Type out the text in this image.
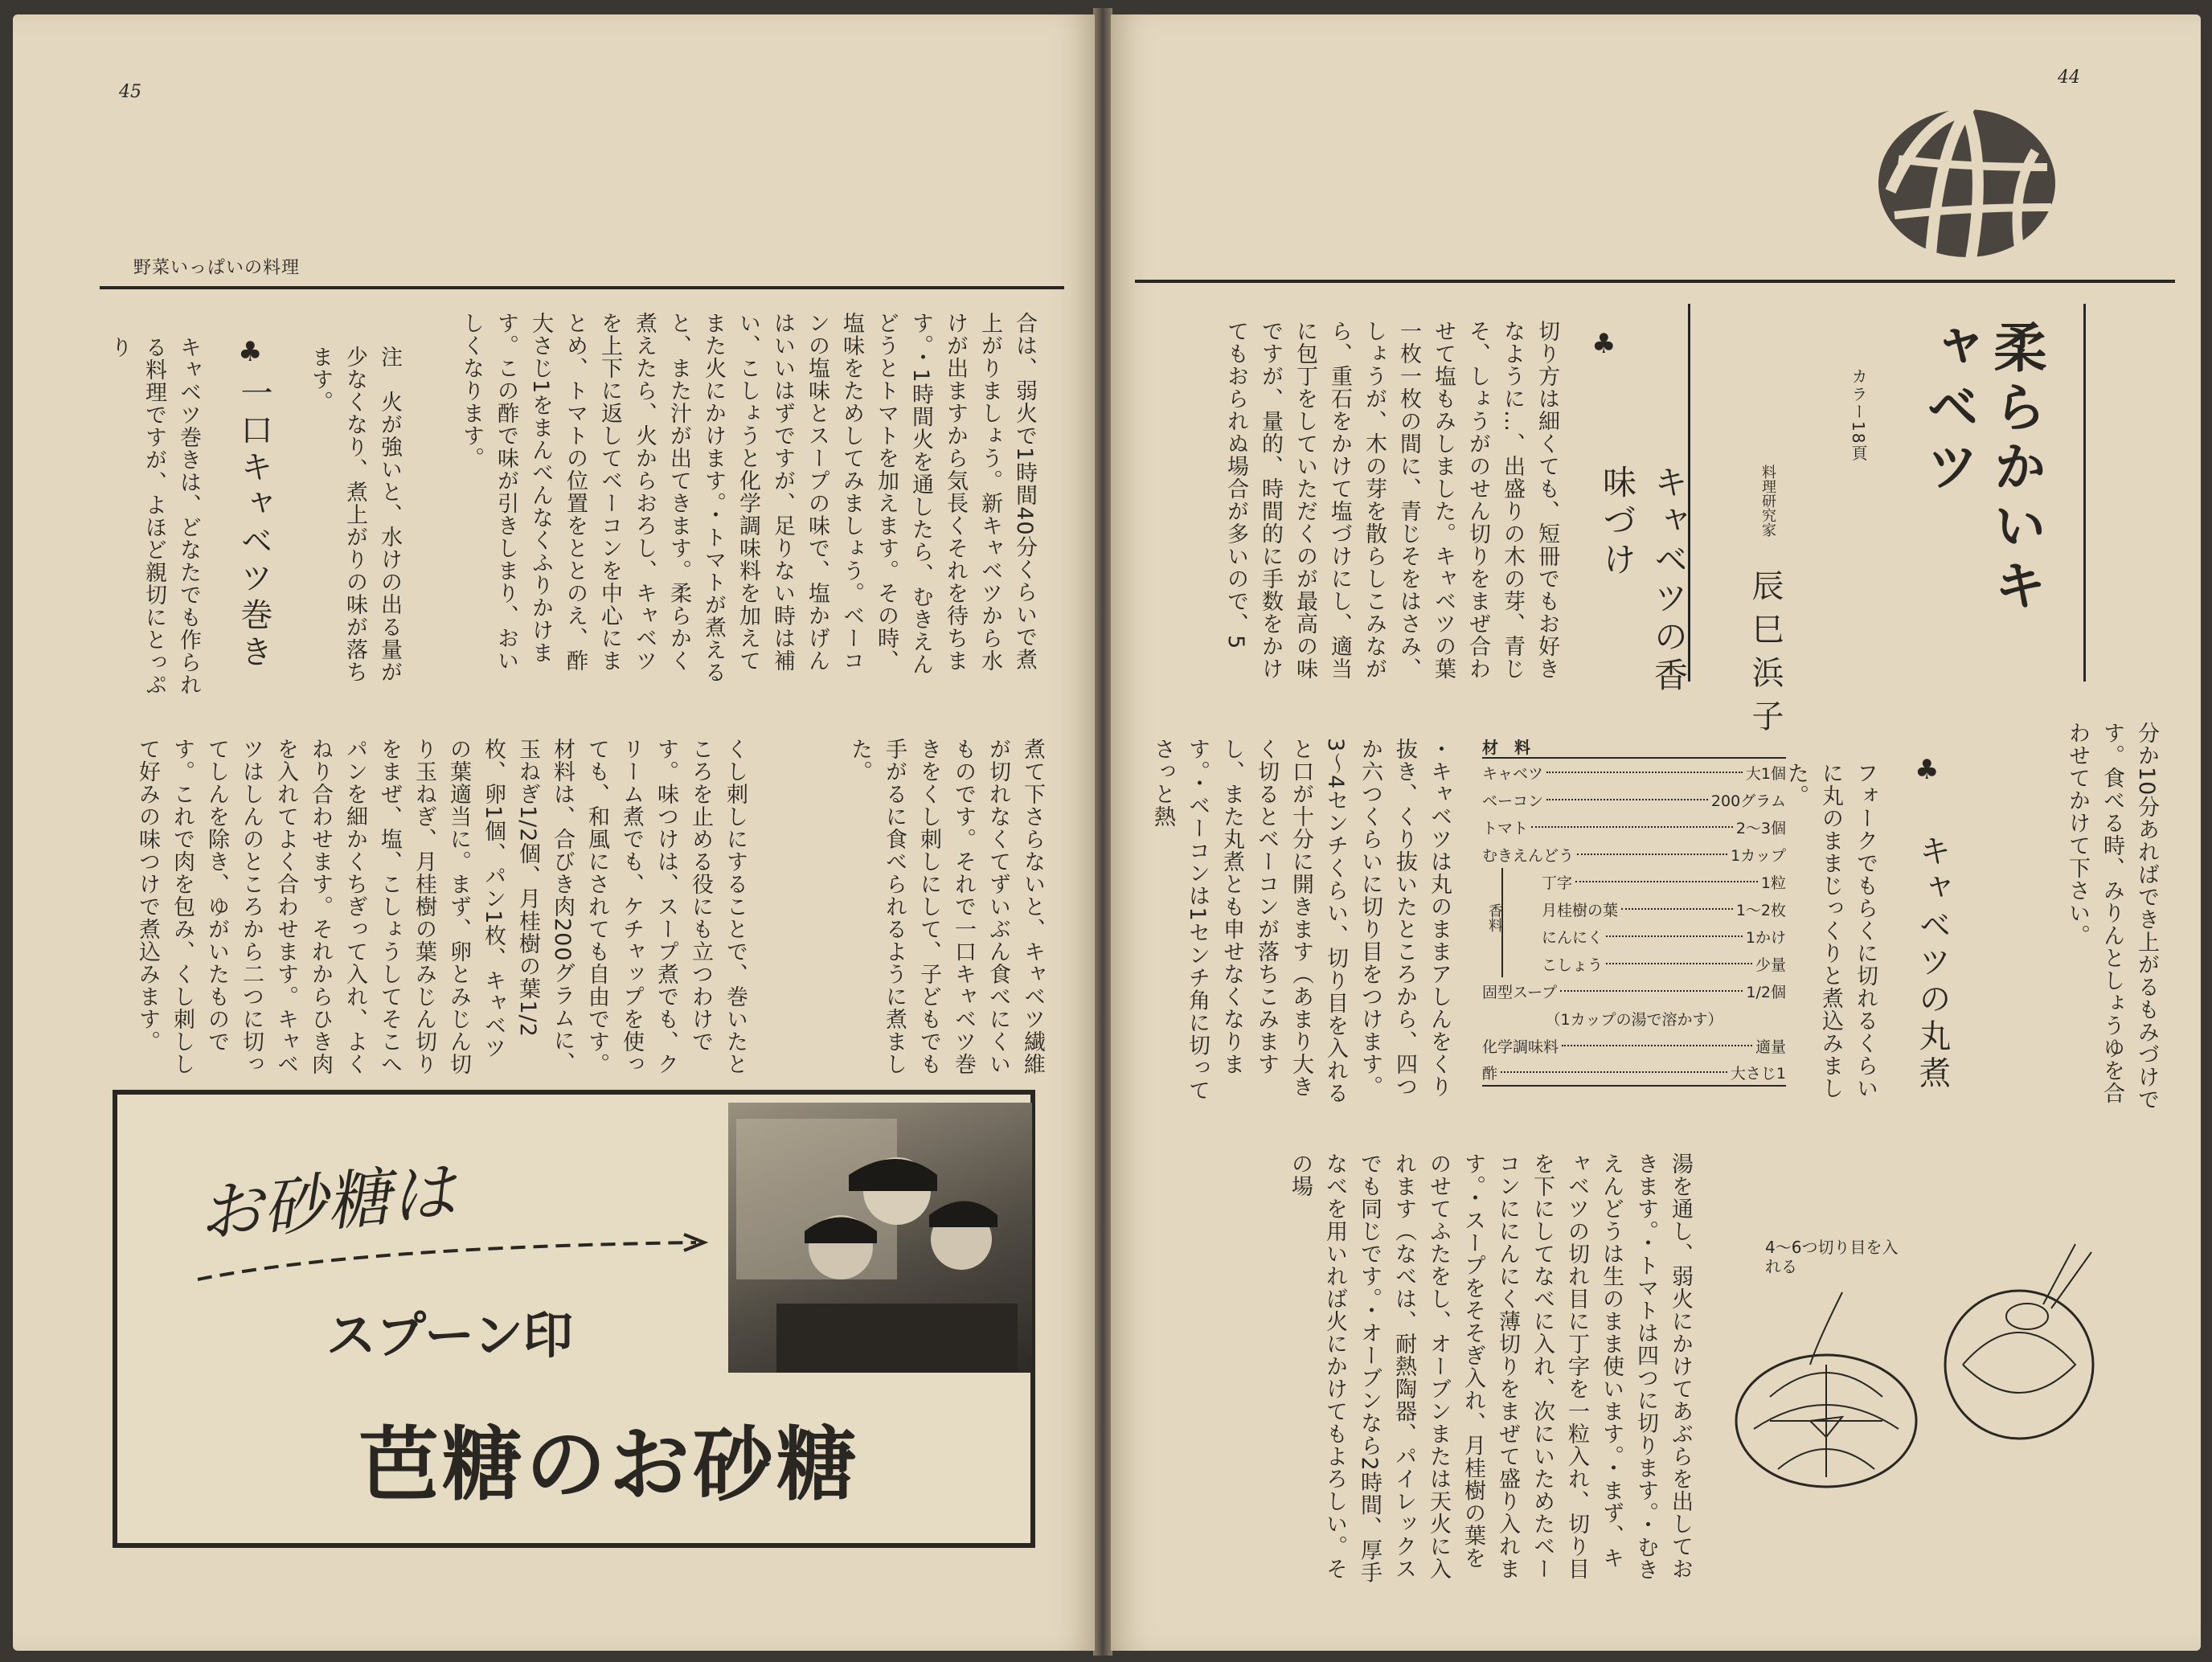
45
野菜いっぱいの料理
合は、弱火で1時間40分くらいで煮上がりましょう。新キャベツから水けが出ますから気長くそれを待ちます。・1時間火を通したら、むきえんどうとトマトを加えます。その時、塩味をためしてみましょう。ベーコンの塩味とスープの味で、塩かげんはいいはずですが、足りない時は補い、こしょうと化学調味料を加えてまた火にかけます。・トマトが煮えると、また汁が出てきます。柔らかく煮えたら、火からおろし、キャベツを上下に返してベーコンを中心にまとめ、トマトの位置をととのえ、酢大さじ1をまんべんなくふりかけます。この酢で味が引きしまり、おいしくなります。
注　火が強いと、水けの出る量が少なくなり、煮上がりの味が落ちます。
煮て下さらないと、キャベツ繊維が切れなくてずいぶん食べにくいものです。それで一口キャベツ巻きをくし刺しにして、子どもでも手がるに食べられるように煮ました。
くし刺しにすることで、巻いたところを止める役にも立つわけです。味つけは、スープ煮でも、クリーム煮でも、ケチャップを使っても、和風にされても自由です。材料は、合びき肉200グラムに、玉ねぎ1/2個、月桂樹の葉1/2枚、卵1個、パン1枚、キャベツの葉適当に。まず、卵とみじん切り玉ねぎ、月桂樹の葉みじん切りをまぜ、塩、こしょうしてそこへパンを細かくちぎって入れ、よくねり合わせます。それからひき肉を入れてよく合わせます。キャベツはしんのところから二つに切ってしんを除き、ゆがいたものです。これで肉を包み、くし刺しして好みの味つけで煮込みます。
♣
一口キャベツ巻き
キャベツ巻きは、どなたでも作られる料理ですが、よほど親切にとっぷり
お砂糖は
スプーン印
芭糖のお砂糖
44
柔らかいキャベツ
カラー18頁
料理研究家
辰巳浜子
♣
キャベツの香味づけ
切り方は細くても、短冊でもお好きなように…、出盛りの木の芽、青じそ、しょうがのせん切りをまぜ合わせて塩もみしました。キャベツの葉一枚一枚の間に、青じそをはさみ、しょうが、木の芽を散らしこみながら、重石をかけて塩づけにし、適当に包丁をしていただくのが最高の味ですが、量的、時間的に手数をかけてもおられぬ場合が多いので、5
分か10分あればでき上がるもみづけです。食べる時、みりんとしょうゆを合わせてかけて下さい。
♣
キャベツの丸煮
フォークでもらくに切れるくらいに丸のままじっくりと煮込みました。
材　料
キャベツ	大1個
ベーコン	200グラム
トマト	2〜3個
むきえんどう	1カップ
香料
丁字	1粒
月桂樹の葉	1〜2枚
にんにく	1かけ
こしょう	少量
固型スープ	1/2個
（1カップの湯で溶かす）
化学調味料	適量
酢	大さじ1
・キャベツは丸のままアしんをくり抜き、くり抜いたところから、四つか六つくらいに切り目をつけます。3〜4センチくらい、切り目を入れると口が十分に開きます（あまり大きく切るとベーコンが落ちこみますし、また丸煮とも申せなくなります。・ベーコンは1センチ角に切ってさっと熱
湯を通し、弱火にかけてあぶらを出しておきます。・トマトは四つに切ります。・むきえんどうは生のまま使います。・まず、キャベツの切れ目に丁字を一粒入れ、切り目を下にしてなべに入れ、次にいためたベーコンににんにく薄切りをまぜて盛り入れます。・スープをそそぎ入れ、月桂樹の葉をのせてふたをし、オーブンまたは天火に入れます（なべは、耐熱陶器、パイレックスでも同じです。・オーブンなら2時間、厚手なべを用いれば火にかけてもよろしい。その場
4〜6つ切り目を入れる
